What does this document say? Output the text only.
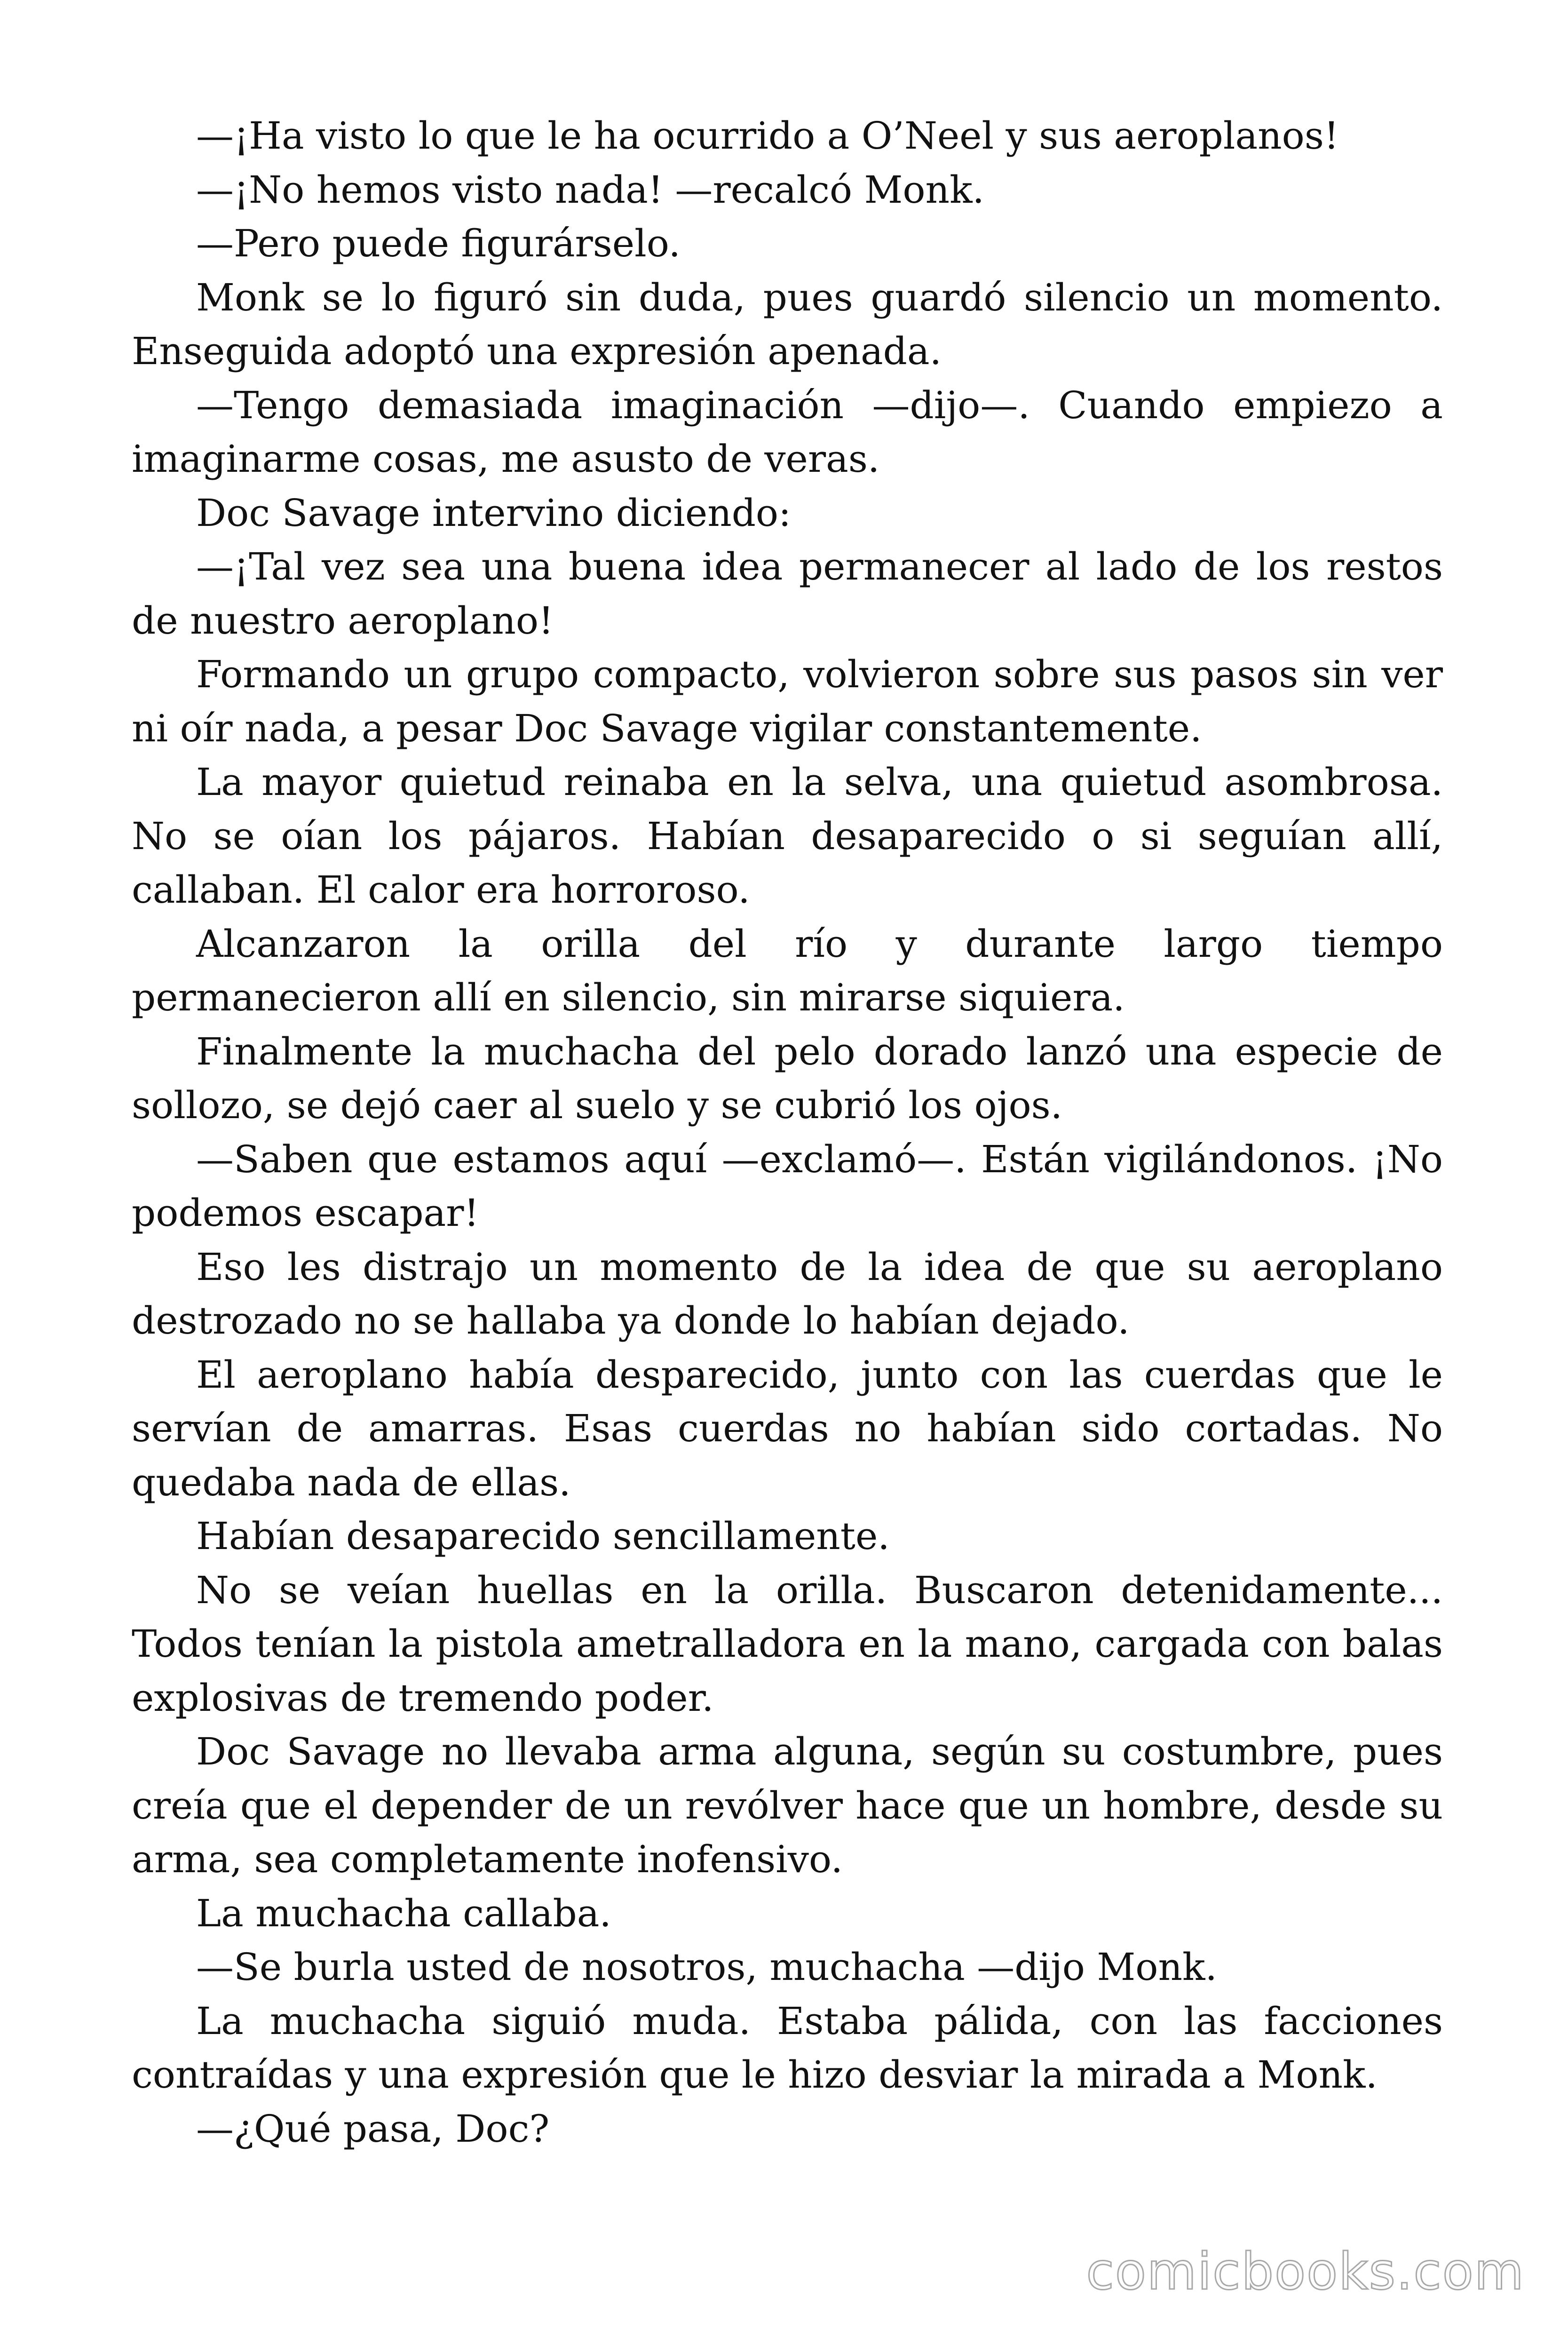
—¡Ha visto lo que le ha ocurrido a O’Neel y sus aeroplanos!

—¡No hemos visto nada! —recalcó Monk.

—Pero puede figurárselo.

Monk se lo figuró sin duda, pues guardó silencio un momento. Enseguida adoptó una expresión apenada.

—Tengo demasiada imaginación —dijo—. Cuando empiezo a imaginarme cosas, me asusto de veras.

Doc Savage intervino diciendo:

—¡Tal vez sea una buena idea permanecer al lado de los restos de nuestro aeroplano!

Formando un grupo compacto, volvieron sobre sus pasos sin ver ni oír nada, a pesar Doc Savage vigilar constantemente.

La mayor quietud reinaba en la selva, una quietud asombrosa. No se oían los pájaros. Habían desaparecido o si seguían allí, callaban. El calor era horroroso.

Alcanzaron la orilla del río y durante largo tiempo permanecieron allí en silencio, sin mirarse siquiera.

Finalmente la muchacha del pelo dorado lanzó una especie de sollozo, se dejó caer al suelo y se cubrió los ojos.

—Saben que estamos aquí —exclamó—. Están vigilándonos. ¡No podemos escapar!

Eso les distrajo un momento de la idea de que su aeroplano destrozado no se hallaba ya donde lo habían dejado.

El aeroplano había desparecido, junto con las cuerdas que le servían de amarras. Esas cuerdas no habían sido cortadas. No quedaba nada de ellas.

Habían desaparecido sencillamente.

No se veían huellas en la orilla. Buscaron detenidamente... Todos tenían la pistola ametralladora en la mano, cargada con balas explosivas de tremendo poder.

Doc Savage no llevaba arma alguna, según su costumbre, pues creía que el depender de un revólver hace que un hombre, desde su arma, sea completamente inofensivo.

La muchacha callaba.

—Se burla usted de nosotros, muchacha —dijo Monk.

La muchacha siguió muda. Estaba pálida, con las facciones contraídas y una expresión que le hizo desviar la mirada a Monk.

—¿Qué pasa, Doc?

comicbooks.com
